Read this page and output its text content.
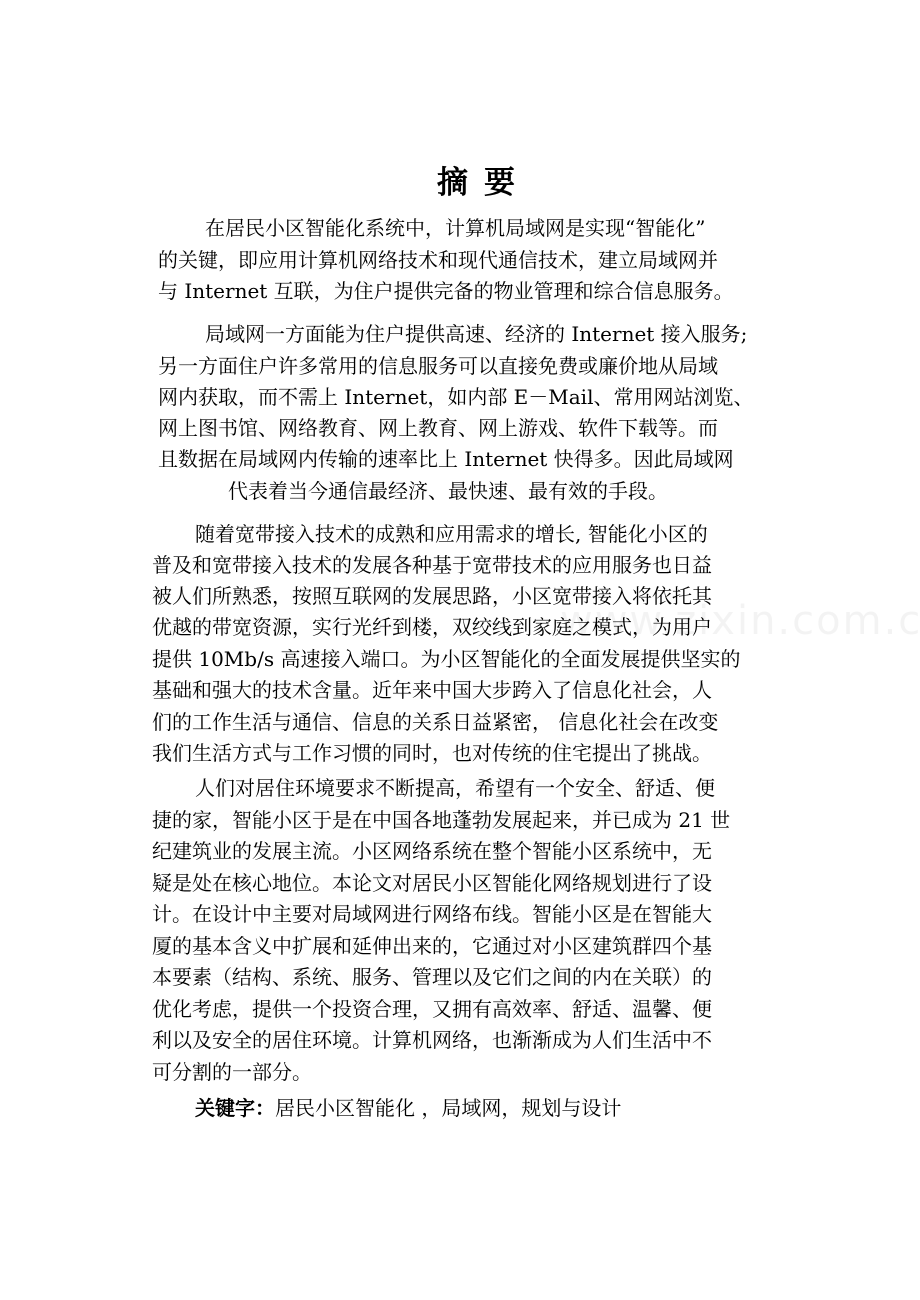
摘要

在居民小区智能化系统中，计算机局域网是实现“智能化”

的关键，即应用计算机网络技术和现代通信技术，建立局域网并

与 Internet 互联，为住户提供完备的物业管理和综合信息服务。

局域网一方面能为住户提供高速、经济的 Internet 接入服务;

另一方面住户许多常用的信息服务可以直接免费或廉价地从局域

网内获取，而不需上 Internet，如内部 E－Mail、常用网站浏览、

网上图书馆、网络教育、网上教育、网上游戏、软件下载等。而

且数据在局域网内传输的速率比上 Internet 快得多。因此局域网

代表着当今通信最经济、最快速、最有效的手段。

随着宽带接入技术的成熟和应用需求的增长, 智能化小区的

普及和宽带接入技术的发展各种基于宽带技术的应用服务也日益

被人们所熟悉，按照互联网的发展思路，小区宽带接入将依托其

优越的带宽资源，实行光纤到楼，双绞线到家庭之模式，为用户

提供 10Mb/s 高速接入端口。为小区智能化的全面发展提供坚实的

基础和强大的技术含量。近年来中国大步跨入了信息化社会，人

们的工作生活与通信、信息的关系日益紧密， 信息化社会在改变

我们生活方式与工作习惯的同时，也对传统的住宅提出了挑战。

人们对居住环境要求不断提高，希望有一个安全、舒适、便

捷的家，智能小区于是在中国各地蓬勃发展起来，并已成为 21 世

纪建筑业的发展主流。小区网络系统在整个智能小区系统中，无

疑是处在核心地位。本论文对居民小区智能化网络规划进行了设

计。在设计中主要对局域网进行网络布线。智能小区是在智能大

厦的基本含义中扩展和延伸出来的，它通过对小区建筑群四个基

本要素（结构、系统、服务、管理以及它们之间的内在关联）的

优化考虑，提供一个投资合理，又拥有高效率、舒适、温馨、便

利以及安全的居住环境。计算机网络，也渐渐成为人们生活中不

可分割的一部分。

关键字：居民小区智能化 ，局域网，规划与设计
